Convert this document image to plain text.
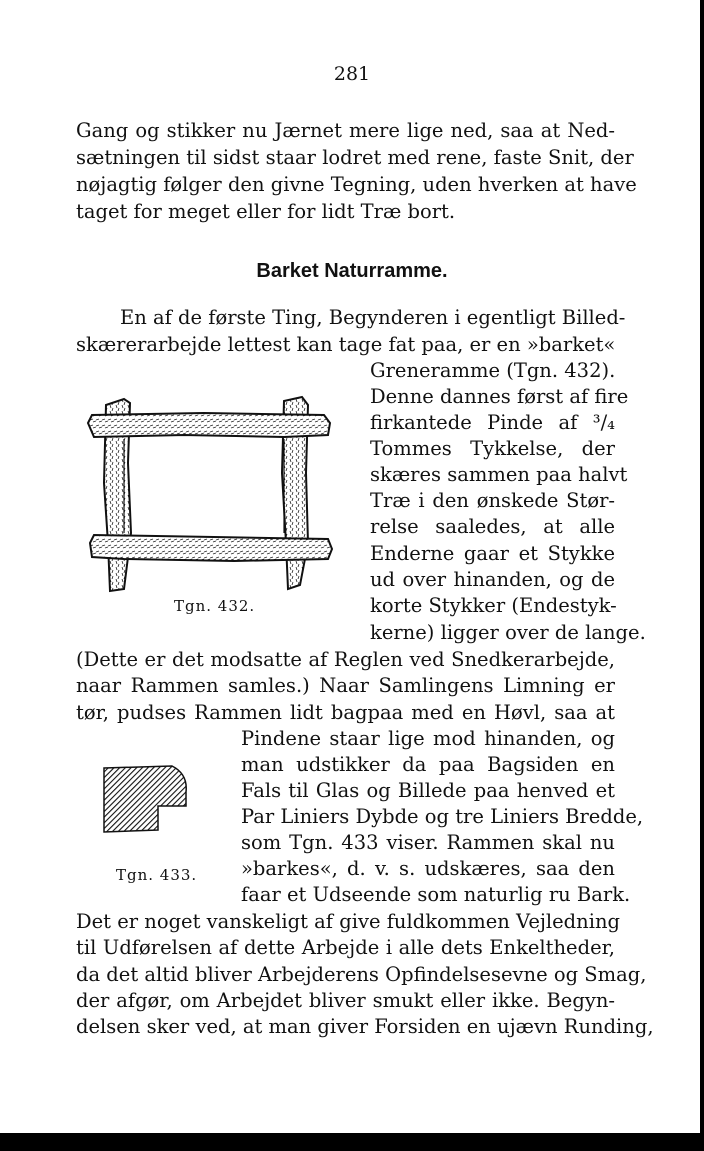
281
Gang og stikker nu Jærnet mere lige ned, saa at Ned-
sætningen til sidst staar lodret med rene, faste Snit, der
nøjagtig følger den givne Tegning, uden hverken at have
taget for meget eller for lidt Træ bort.
Barket Naturramme.
En af de første Ting, Begynderen i egentligt Billed-
skærerarbejde lettest kan tage fat paa, er en »barket«
Greneramme (Tgn. 432).
Denne dannes først af fire
firkantede Pinde af ³/₄
Tommes Tykkelse, der
skæres sammen paa halvt
Træ i den ønskede Stør-
relse saaledes, at alle
Enderne gaar et Stykke
ud over hinanden, og de
korte Stykker (Endestyk-
kerne) ligger over de lange.
Tgn. 432.
(Dette er det modsatte af Reglen ved Snedkerarbejde,
naar Rammen samles.) Naar Samlingens Limning er
tør, pudses Rammen lidt bagpaa med en Høvl, saa at
Pindene staar lige mod hinanden, og
man udstikker da paa Bagsiden en
Fals til Glas og Billede paa henved et
Par Liniers Dybde og tre Liniers Bredde,
som Tgn. 433 viser. Rammen skal nu
»barkes«, d. v. s. udskæres, saa den
faar et Udseende som naturlig ru Bark.
Tgn. 433.
Det er noget vanskeligt af give fuldkommen Vejledning
til Udførelsen af dette Arbejde i alle dets Enkeltheder,
da det altid bliver Arbejderens Opfindelsesevne og Smag,
der afgør, om Arbejdet bliver smukt eller ikke. Begyn-
delsen sker ved, at man giver Forsiden en ujævn Runding,
